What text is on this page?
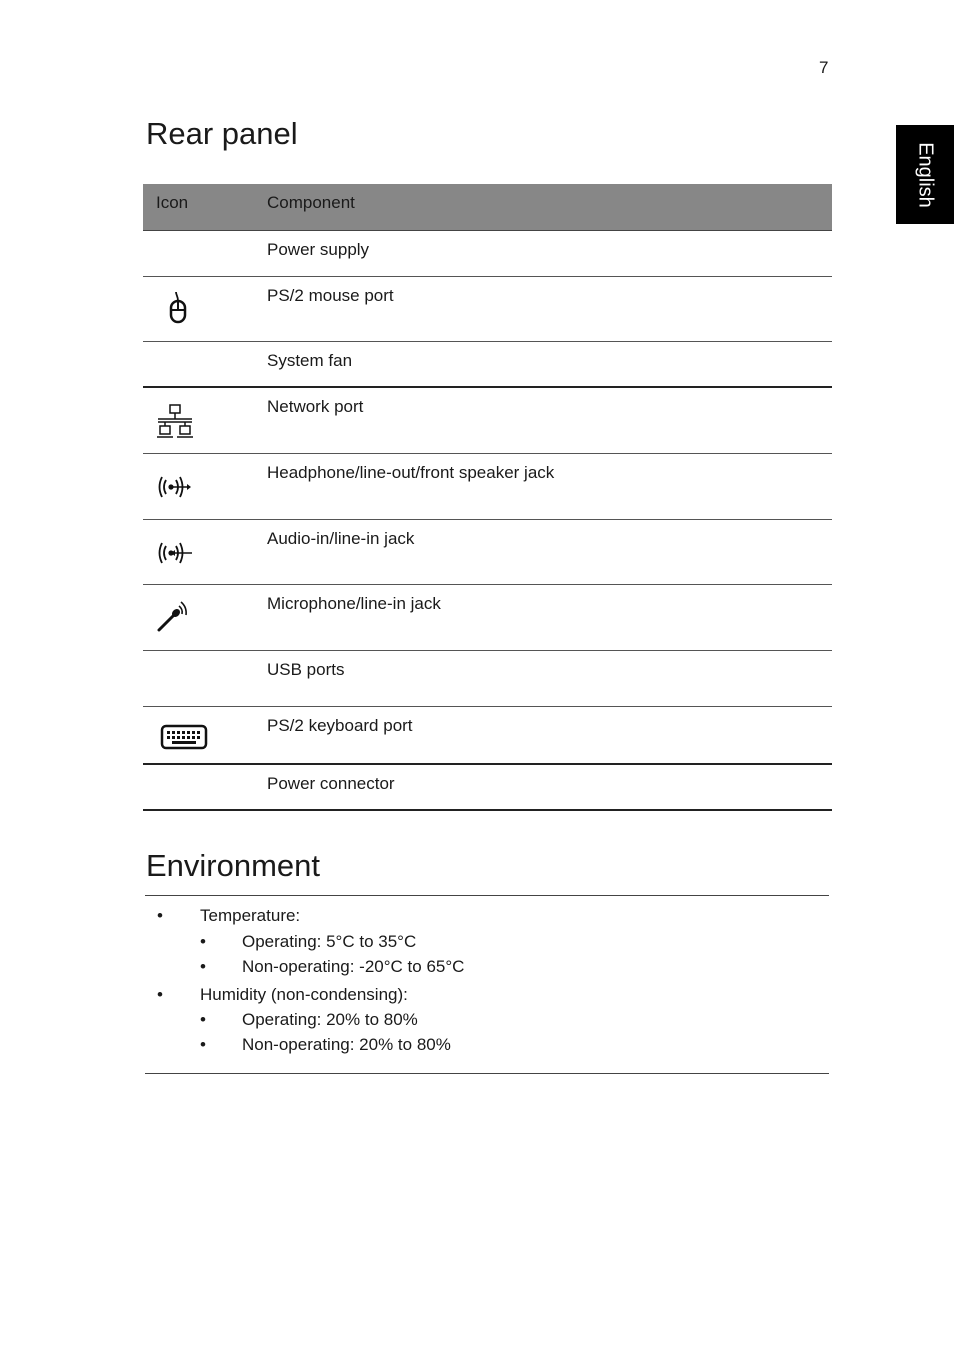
7
English
Rear panel
Icon	Component
	Power supply

	PS/2 mouse port
	System fan

	Network port

	Headphone/line-out/front speaker jack

	Audio-in/line-in jack

	Microphone/line-in jack
	USB ports

	PS/2 keyboard port
	Power connector
Environment
• Temperature:
• Operating: 5°C to 35°C
• Non-operating: -20°C to 65°C
• Humidity (non-condensing):
• Operating: 20% to 80%
• Non-operating: 20% to 80%
